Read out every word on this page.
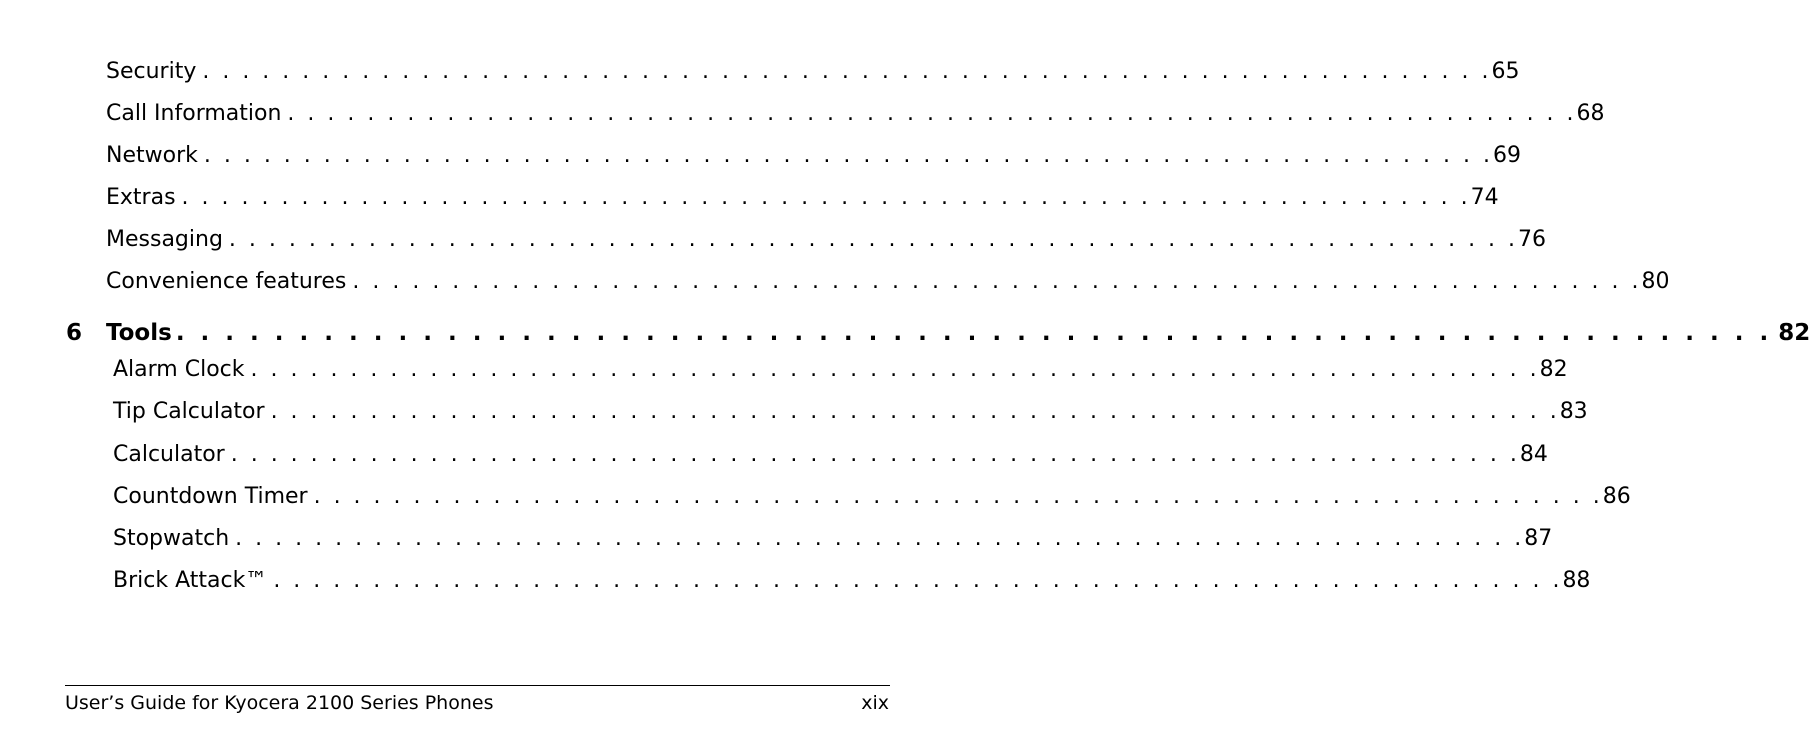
Security . . . . . . . . . . . . . . . . . . . . . . . . . . . . . . . . . . . . . . . . . . . . . . . . . . . . . . . . . . . . . . . . . 65
Call Information . . . . . . . . . . . . . . . . . . . . . . . . . . . . . . . . . . . . . . . . . . . . . . . . . . . . . . . . . . . . . . . . . 68
Network . . . . . . . . . . . . . . . . . . . . . . . . . . . . . . . . . . . . . . . . . . . . . . . . . . . . . . . . . . . . . . . . . 69
Extras . . . . . . . . . . . . . . . . . . . . . . . . . . . . . . . . . . . . . . . . . . . . . . . . . . . . . . . . . . . . . . . . . 74
Messaging . . . . . . . . . . . . . . . . . . . . . . . . . . . . . . . . . . . . . . . . . . . . . . . . . . . . . . . . . . . . . . . . . 76
Convenience features . . . . . . . . . . . . . . . . . . . . . . . . . . . . . . . . . . . . . . . . . . . . . . . . . . . . . . . . . . . . . . . . . 80
6	Tools . . . . . . . . . . . . . . . . . . . . . . . . . . . . . . . . . . . . . . . . . . . . . . . . . . . . . . . . . . . . . . . . . 82
Alarm Clock . . . . . . . . . . . . . . . . . . . . . . . . . . . . . . . . . . . . . . . . . . . . . . . . . . . . . . . . . . . . . . . . . 82
Tip Calculator . . . . . . . . . . . . . . . . . . . . . . . . . . . . . . . . . . . . . . . . . . . . . . . . . . . . . . . . . . . . . . . . . 83
Calculator . . . . . . . . . . . . . . . . . . . . . . . . . . . . . . . . . . . . . . . . . . . . . . . . . . . . . . . . . . . . . . . . . 84
Countdown Timer . . . . . . . . . . . . . . . . . . . . . . . . . . . . . . . . . . . . . . . . . . . . . . . . . . . . . . . . . . . . . . . . . 86
Stopwatch . . . . . . . . . . . . . . . . . . . . . . . . . . . . . . . . . . . . . . . . . . . . . . . . . . . . . . . . . . . . . . . . . 87
Brick Attack™ . . . . . . . . . . . . . . . . . . . . . . . . . . . . . . . . . . . . . . . . . . . . . . . . . . . . . . . . . . . . . . . . . 88
User’s Guide for Kyocera 2100 Series Phones	xix
